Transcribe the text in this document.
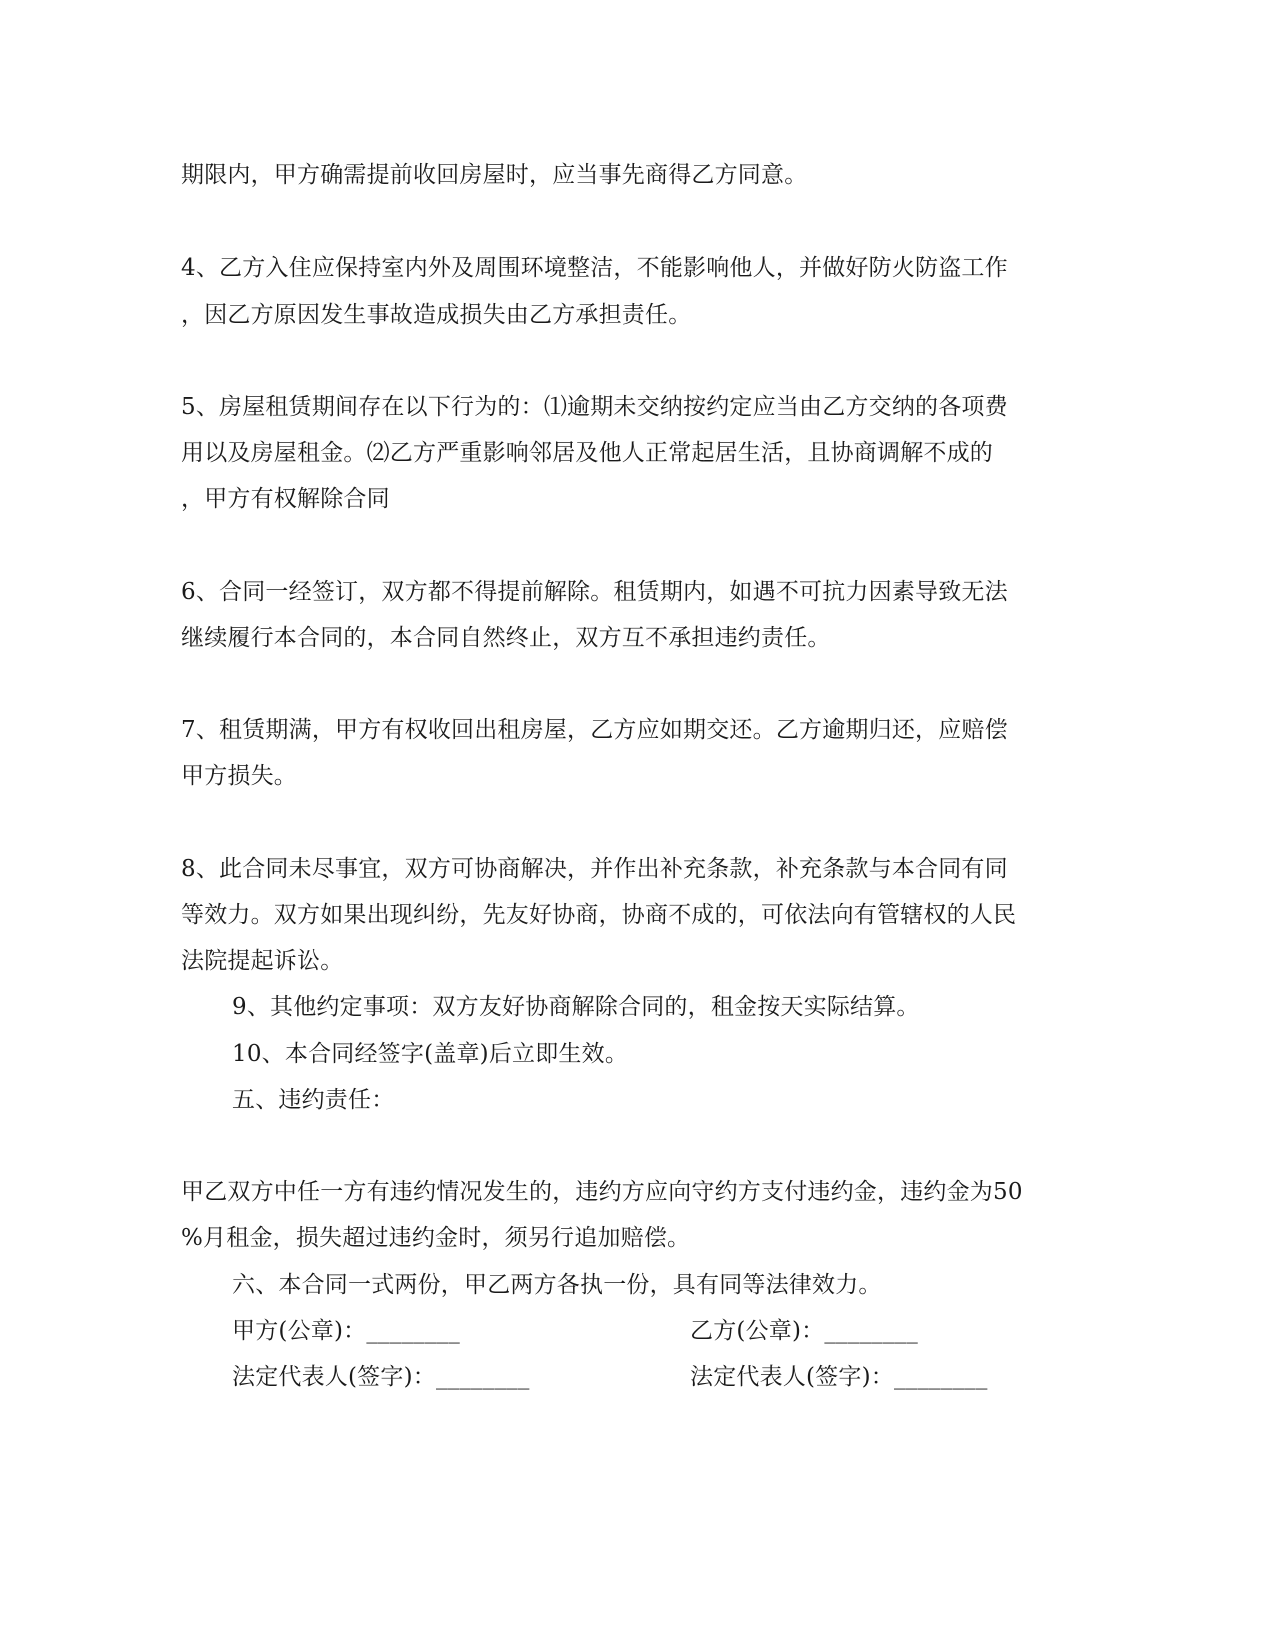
期限内，甲方确需提前收回房屋时，应当事先商得乙方同意。
4、乙方入住应保持室内外及周围环境整洁，不能影响他人，并做好防火防盗工作
，因乙方原因发生事故造成损失由乙方承担责任。
5、房屋租赁期间存在以下行为的：⑴逾期未交纳按约定应当由乙方交纳的各项费
用以及房屋租金。⑵乙方严重影响邻居及他人正常起居生活，且协商调解不成的
，甲方有权解除合同
6、合同一经签订，双方都不得提前解除。租赁期内，如遇不可抗力因素导致无法
继续履行本合同的，本合同自然终止，双方互不承担违约责任。
7、租赁期满，甲方有权收回出租房屋，乙方应如期交还。乙方逾期归还，应赔偿
甲方损失。
8、此合同未尽事宜，双方可协商解决，并作出补充条款，补充条款与本合同有同
等效力。双方如果出现纠纷，先友好协商，协商不成的，可依法向有管辖权的人民
法院提起诉讼。
9、其他约定事项：双方友好协商解除合同的，租金按天实际结算。
10、本合同经签字(盖章)后立即生效。
五、违约责任：
甲乙双方中任一方有违约情况发生的，违约方应向守约方支付违约金，违约金为50
%月租金，损失超过违约金时，须另行追加赔偿。
六、本合同一式两份，甲乙两方各执一份，具有同等法律效力。
甲方(公章)：________	乙方(公章)：________
法定代表人(签字)：________	法定代表人(签字)：________
